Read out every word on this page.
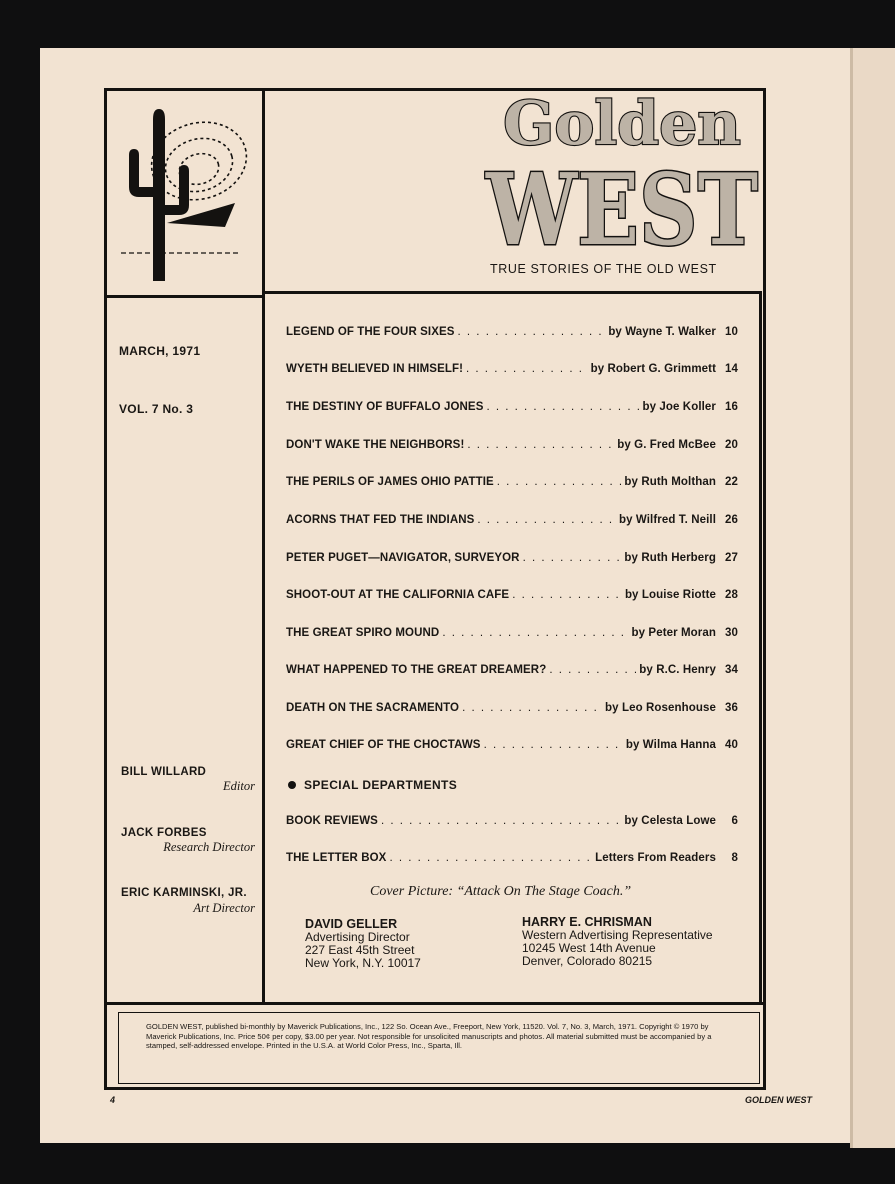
Golden
WEST
TRUE STORIES OF THE OLD WEST
MARCH, 1971
VOL. 7 No. 3
BILL WILLARD
Editor
JACK FORBES
Research Director
ERIC KARMINSKI, JR.
Art Director
LEGEND OF THE FOUR SIXES . . .	by Wayne T. Walker 10
WYETH BELIEVED IN HIMSELF! . . .	by Robert G. Grimmett 14
THE DESTINY OF BUFFALO JONES . . .	by Joe Koller 16
DON'T WAKE THE NEIGHBORS! . . .	by G. Fred McBee 20
THE PERILS OF JAMES OHIO PATTIE . . .	by Ruth Molthan 22
ACORNS THAT FED THE INDIANS . . .	by Wilfred T. Neill 26
PETER PUGET—NAVIGATOR, SURVEYOR . . .	by Ruth Herberg 27
SHOOT-OUT AT THE CALIFORNIA CAFE . . .	by Louise Riotte 28
THE GREAT SPIRO MOUND . . .	by Peter Moran 30
WHAT HAPPENED TO THE GREAT DREAMER? . . .	by R.C. Henry 34
DEATH ON THE SACRAMENTO . . .	by Leo Rosenhouse 36
GREAT CHIEF OF THE CHOCTAWS . . .	by Wilma Hanna 40
SPECIAL DEPARTMENTS
BOOK REVIEWS . . .	by Celesta Lowe	6
THE LETTER BOX . . .	Letters From Readers	8
Cover Picture: “Attack On The Stage Coach.”
DAVID GELLER
Advertising Director
227 East 45th Street
New York, N.Y. 10017
HARRY E. CHRISMAN
Western Advertising Representative
10245 West 14th Avenue
Denver, Colorado 80215
GOLDEN WEST, published bi-monthly by Maverick Publications, Inc., 122 So. Ocean Ave., Freeport, New York, 11520. Vol. 7, No. 3, March, 1971. Copyright © 1970 by Maverick Publications, Inc. Price 50¢ per copy, $3.00 per year. Not responsible for unsolicited manuscripts and photos. All material submitted must be accompanied by a stamped, self-addressed envelope. Printed in the U.S.A. at World Color Press, Inc., Sparta, Ill.
4	GOLDEN WEST
